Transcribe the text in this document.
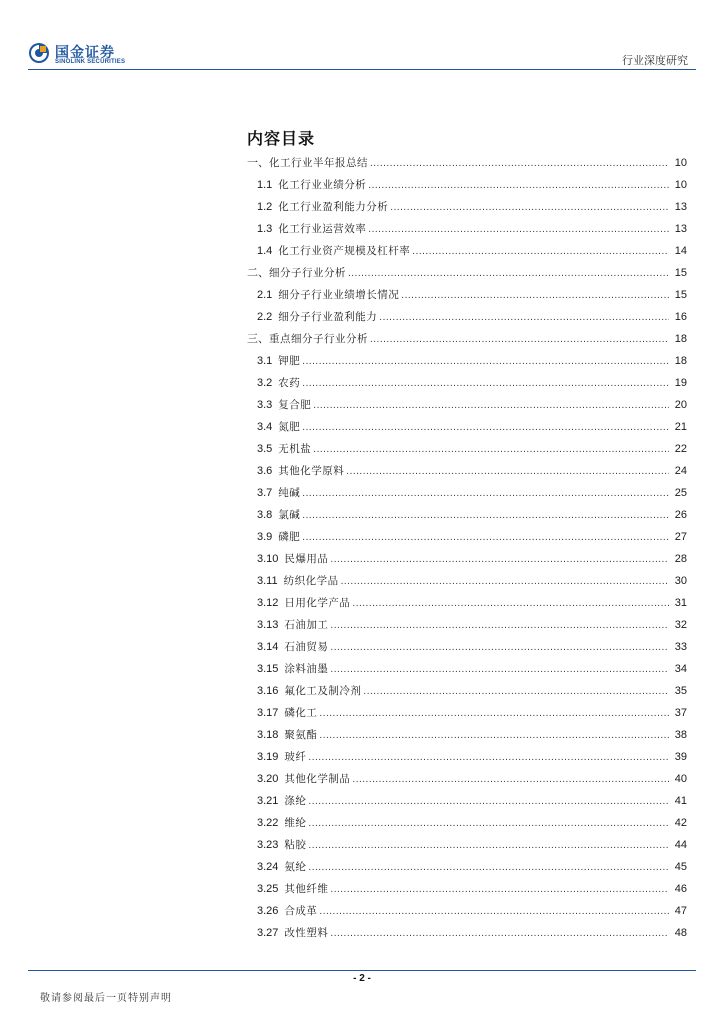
国金证券
SINOLINK SECURITIES	行业深度研究
内容目录
一、 化工行业半年报总结 .....	10
1.1 化工行业业绩分析 .....	10
1.2 化工行业盈利能力分析 .....	13
1.3 化工行业运营效率 .....	13
1.4 化工行业资产规模及杠杆率 .....	14
二、 细分子行业分析 .....	15
2.1 细分子行业业绩增长情况 .....	15
2.2 细分子行业盈利能力 .....	16
三、 重点细分子行业分析 .....	18
3.1 钾肥 .....	18
3.2 农药 .....	19
3.3 复合肥 .....	20
3.4 氮肥 .....	21
3.5 无机盐 .....	22
3.6 其他化学原料 .....	24
3.7 纯碱 .....	25
3.8 氯碱 .....	26
3.9 磷肥 .....	27
3.10 民爆用品 .....	28
3.11 纺织化学品 .....	30
3.12 日用化学产品 .....	31
3.13 石油加工 .....	32
3.14 石油贸易 .....	33
3.15 涂料油墨 .....	34
3.16 氟化工及制冷剂 .....	35
3.17 磷化工 .....	37
3.18 聚氨酯 .....	38
3.19 玻纤 .....	39
3.20 其他化学制品 .....	40
3.21 涤纶 .....	41
3.22 维纶 .....	42
3.23 粘胶 .....	44
3.24 氨纶 .....	45
3.25 其他纤维 .....	46
3.26 合成革 .....	47
3.27 改性塑料 .....	48
- 2 -
敬请参阅最后一页特别声明
